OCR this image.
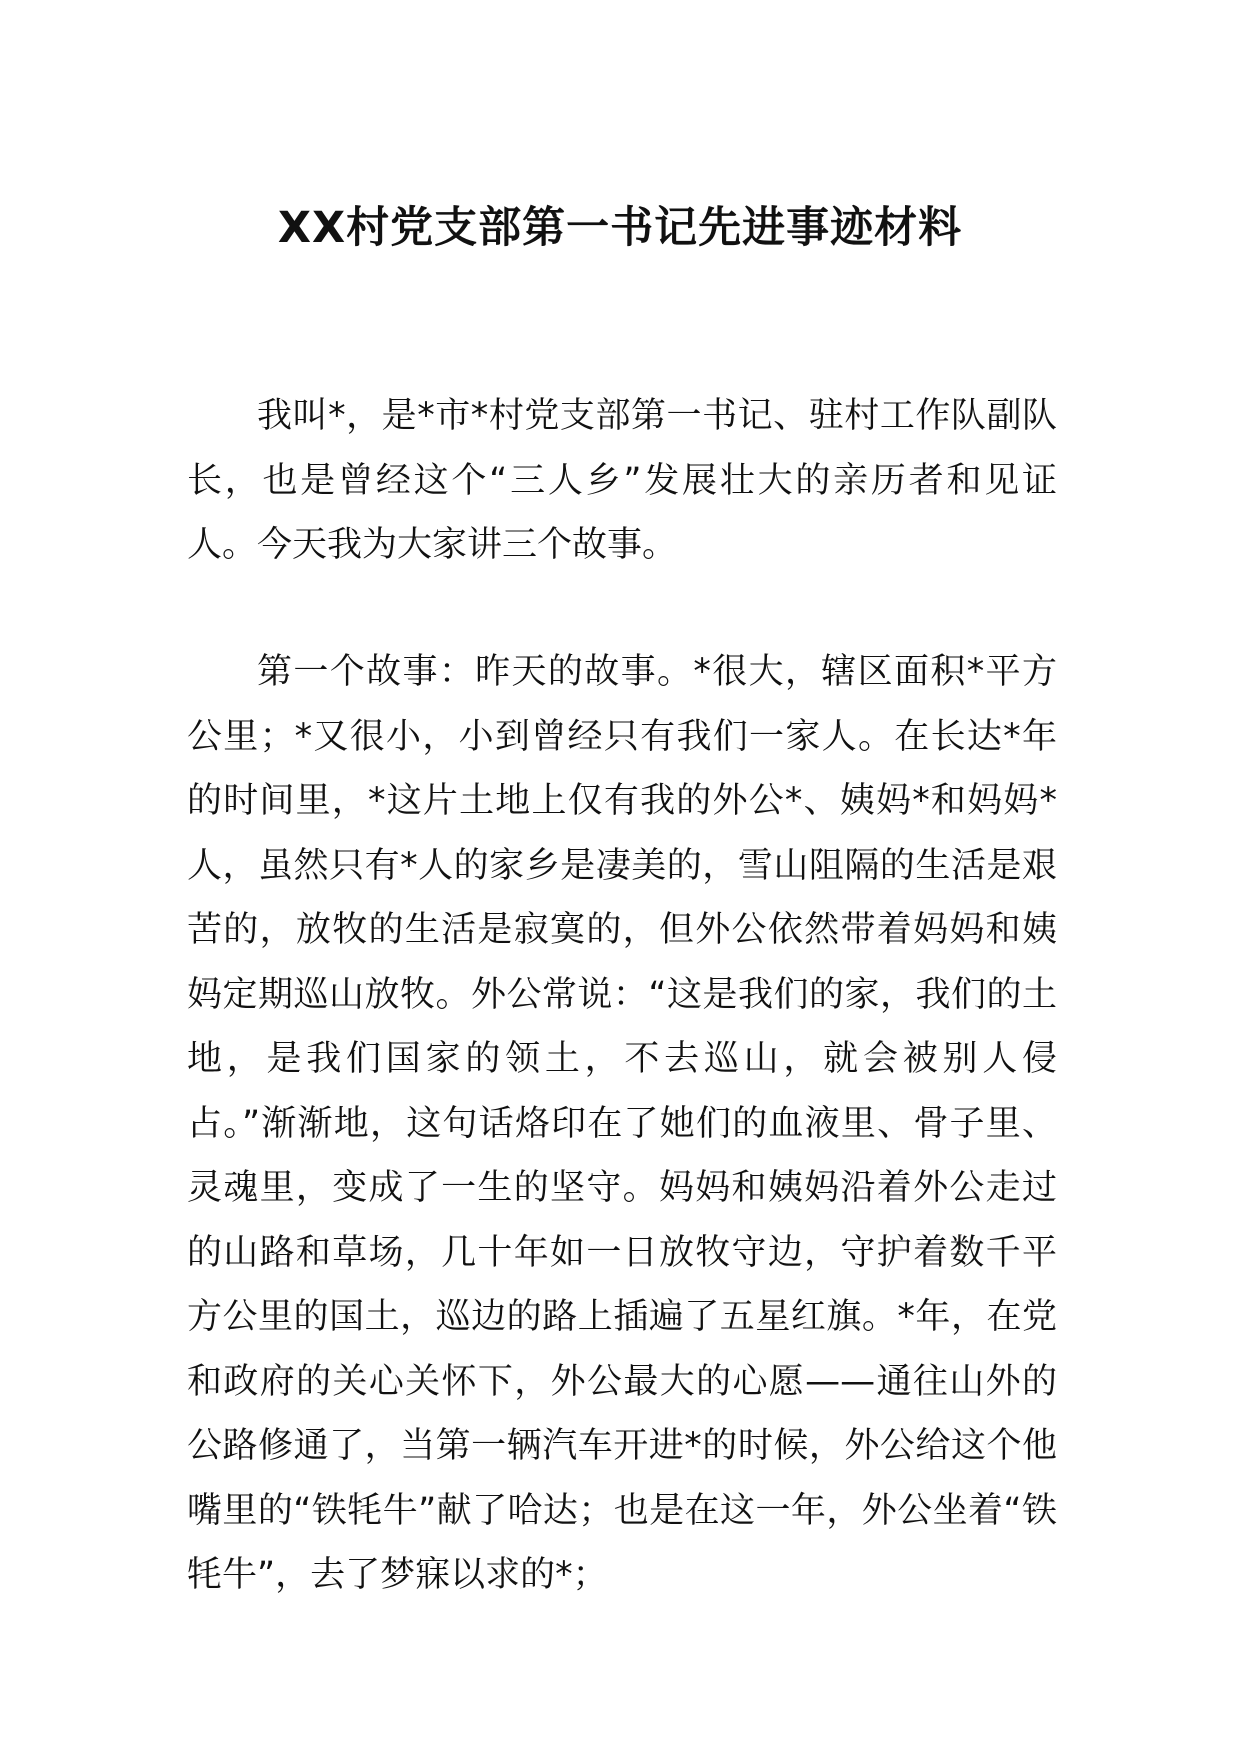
XX村党支部第一书记先进事迹材料

我叫*，是*市*村党支部第一书记、驻村工作队副队长，也是曾经这个“三人乡”发展壮大的亲历者和见证人。今天我为大家讲三个故事。

第一个故事：昨天的故事。*很大，辖区面积*平方公里；*又很小，小到曾经只有我们一家人。在长达*年的时间里，*这片土地上仅有我的外公*、姨妈*和妈妈*人，虽然只有*人的家乡是凄美的，雪山阻隔的生活是艰苦的，放牧的生活是寂寞的，但外公依然带着妈妈和姨妈定期巡山放牧。外公常说：“这是我们的家，我们的土地，是我们国家的领土，不去巡山，就会被别人侵占。”渐渐地，这句话烙印在了她们的血液里、骨子里、灵魂里，变成了一生的坚守。妈妈和姨妈沿着外公走过的山路和草场，几十年如一日放牧守边，守护着数千平方公里的国土，巡边的路上插遍了五星红旗。*年，在党和政府的关心关怀下，外公最大的心愿——通往山外的公路修通了，当第一辆汽车开进*的时候，外公给这个他嘴里的“铁牦牛”献了哈达；也是在这一年，外公坐着“铁牦牛”，去了梦寐以求的*；
